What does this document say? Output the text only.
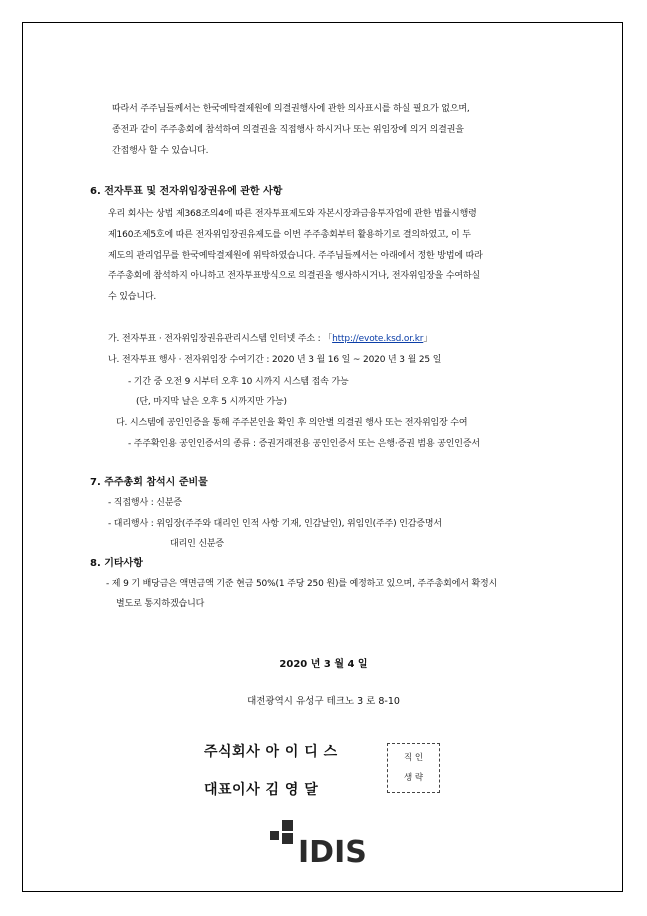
따라서 주주님들께서는 한국예탁결제원에 의결권행사에 관한 의사표시를 하실 필요가 없으며,
종전과 같이 주주총회에 참석하여 의결권을 직접행사 하시거나 또는 위임장에 의거 의결권을
간접행사 할 수 있습니다.
6. 전자투표 및 전자위임장권유에 관한 사항
우리 회사는 상법 제368조의4에 따른 전자투표제도와 자본시장과금융투자업에 관한 법률시행령
제160조제5호에 따른 전자위임장권유제도를 이번 주주총회부터 활용하기로 결의하였고, 이 두
제도의 관리업무를 한국예탁결제원에 위탁하였습니다. 주주님들께서는 아래에서 정한 방법에 따라
주주총회에 참석하지 아니하고 전자투표방식으로 의결권을 행사하시거나, 전자위임장을 수여하실
수 있습니다.
가. 전자투표 · 전자위임장권유관리시스템 인터넷 주소 : 「http://evote.ksd.or.kr」
나. 전자투표 행사 · 전자위임장 수여기간 : 2020 년 3 월 16 일 ~ 2020 년 3 월 25 일
- 기간 중 오전 9 시부터 오후 10 시까지 시스템 접속 가능
(단, 마지막 날은 오후 5 시까지만 가능)
다. 시스템에 공인인증을 통해 주주본인을 확인 후 의안별 의결권 행사 또는 전자위임장 수여
- 주주확인용 공인인증서의 종류 : 증권거래전용 공인인증서 또는 은행·증권 범용 공인인증서
7. 주주총회 참석시 준비물
- 직접행사 : 신분증
- 대리행사 : 위임장(주주와 대리인 인적 사항 기재, 인감날인), 위임인(주주) 인감증명서
대리인 신분증
8. 기타사항
- 제 9 기 배당금은 액면금액 기준 현금 50%(1 주당 250 원)를 예정하고 있으며, 주주총회에서 확정시
별도로 통지하겠습니다
2020 년 3 월 4 일
대전광역시 유성구 테크노 3 로 8-10
주식회사 아 이 디 스
대표이사 김 영 달
직 인
생 략
IDIS
